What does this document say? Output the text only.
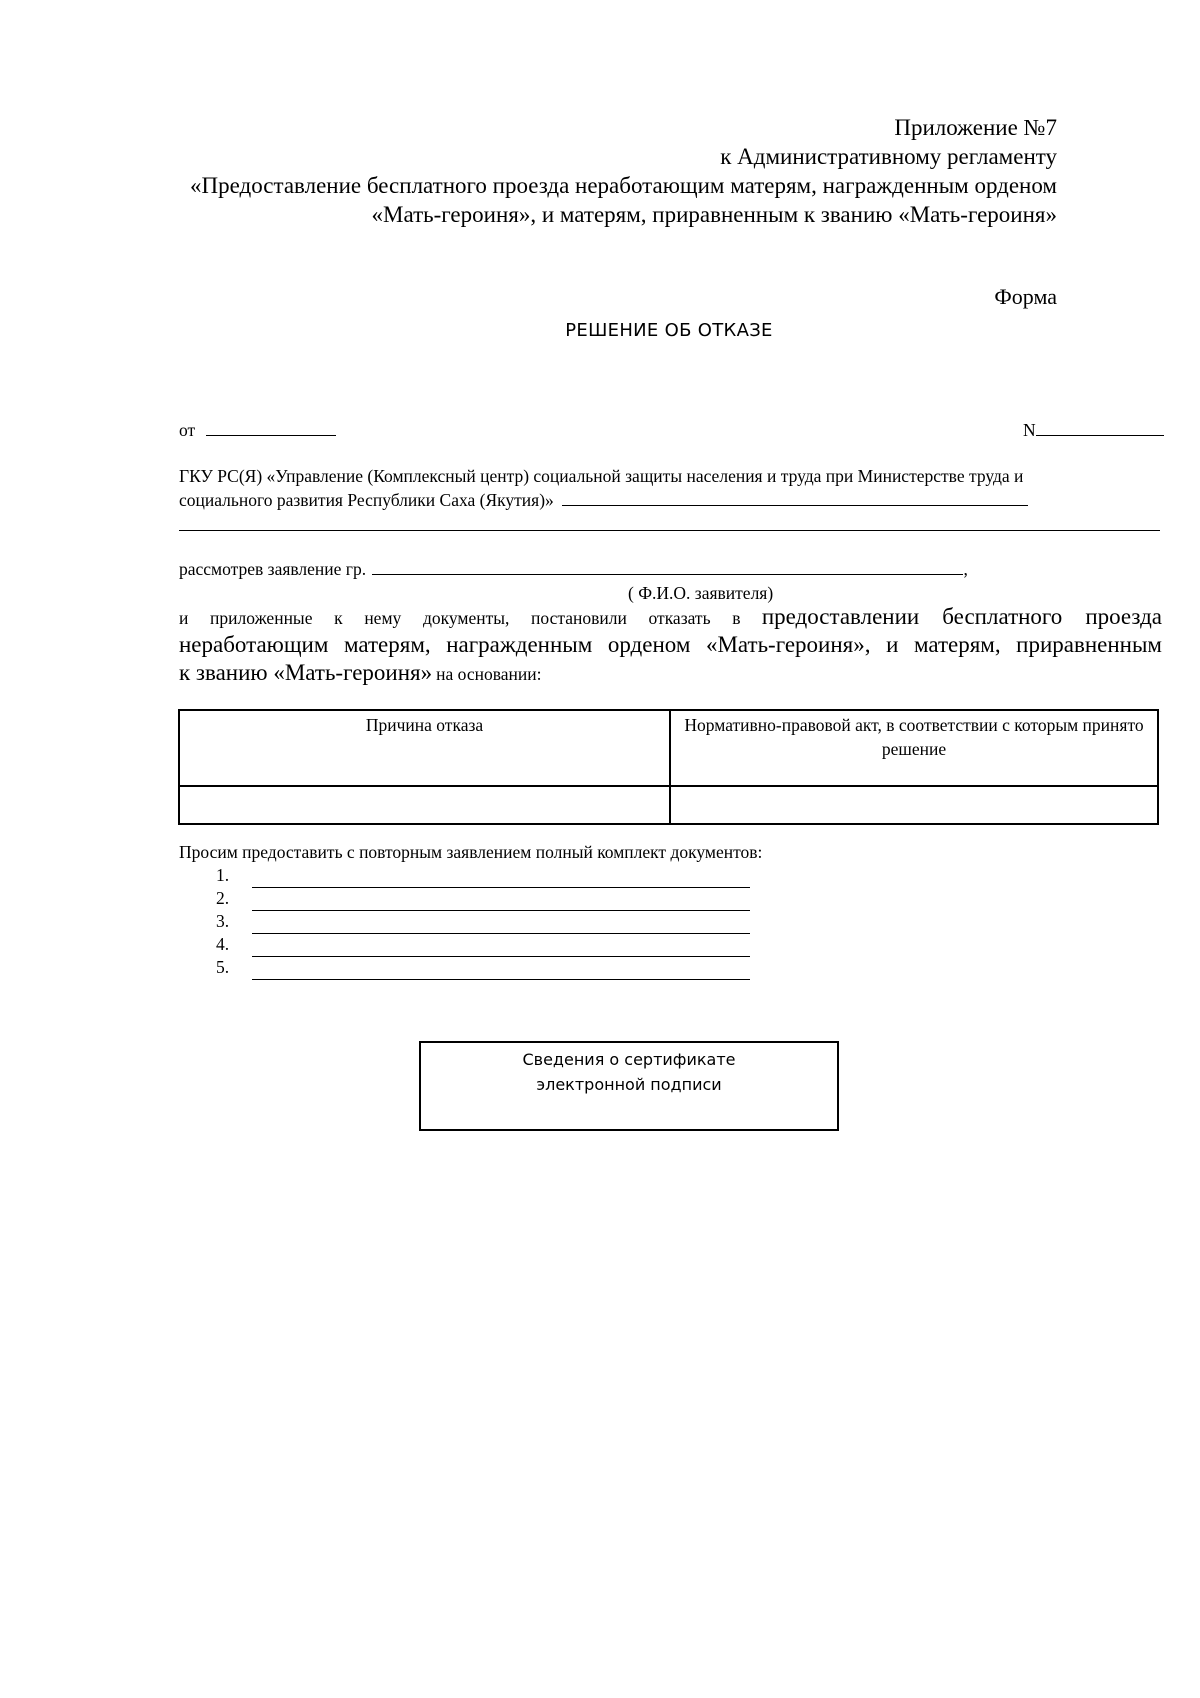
Приложение №7
к Административному регламенту
«Предоставление бесплатного проезда неработающим матерям, награжденным орденом
«Мать-героиня», и матерям, приравненным к званию «Мать-героиня»
Форма
РЕШЕНИЕ ОБ ОТКАЗЕ
от	N
ГКУ РС(Я) «Управление (Комплексный центр) социальной защиты населения и труда при Министерстве труда и
социального развития Республики Саха (Якутия)»
рассмотрев заявление гр.	,
( Ф.И.О. заявителя)
и приложенные к нему документы, постановили отказать в предоставлении бесплатного проезда
неработающим матерям, награжденным орденом «Мать-героиня», и матерям, приравненным
к званию «Мать-героиня» на основании:
Причина отказа	Нормативно-правовой акт, в соответствии с которым принято решение

Просим предоставить с повторным заявлением полный комплект документов:
1.
2.
3.
4.
5.
Сведения о сертификате
электронной подписи
